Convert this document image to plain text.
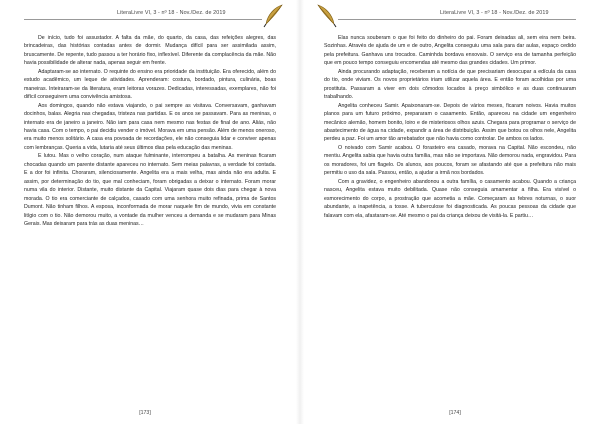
LiteraLivre VI, 3 - nº 18 - Nov./Dez. de 2019

De início, tudo foi assustador. A falta da mãe, do quarto, da casa, das refeições alegres, das brincadeiras, das histórias contadas antes de dormir. Mudança difícil para ser assimilada assim, bruscamente. De repente, tudo passou a ter horário fixo, inflexível. Diferente da complacência da mãe. Não havia possibilidade de alterar nada, apenas seguir em frente.

Adaptaram-se ao internato. O requinte do ensino era prioridade da instituição. Era oferecido, além do estudo acadêmico, um leque de atividades. Aprenderam: costura, bordado, pintura, culinária, boas maneiras. Inteiraram-se da literatura, eram leitoras vorazes. Dedicadas, interessadas, exemplares, não foi difícil conseguirem uma convivência amistosa.

Aos domingos, quando não estava viajando, o pai sempre as visitava. Conversavam, ganhavam docinhos, balas. Alegria nas chegadas, tristeza nas partidas. E os anos se passavam. Para as meninas, o internato era de janeiro a janeiro. Não iam para casa nem mesmo nas festas de final de ano. Aliás, não havia casa. Com o tempo, o pai decidiu vender o imóvel. Morava em uma pensão. Além de menos oneroso, era muito menos solitário. A casa era povoada de recordações, ele não conseguia lidar e conviver apenas com lembranças. Queria a vida, lutaria até seus últimos dias pela educação das meninas.

E lutou. Mas o velho coração, num ataque fulminante, interrompeu a batalha. As meninas ficaram chocadas quando um parente distante apareceu no internato. Sem meias palavras, a verdade foi contada. E a dor foi infinita. Choraram, silenciosamente. Angelita era a mais velha, mas ainda não era adulta. E assim, por determinação do tio, que mal conheciam, foram obrigadas a deixar o internato. Foram morar numa vila do interior. Distante, muito distante da Capital. Viajaram quase dois dias para chegar à nova morada. O tio era comerciante de calçados, casado com uma senhora muito refinada, prima de Santos Dumont. Não tinham filhos. A esposa, inconformada de morar naquele fim de mundo, vivia em constante litígio com o tio. Não demorou muito, a vontade da mulher venceu a demanda e se mudaram para Minas Gerais. Mas deixaram para trás as duas meninas…

[173]
LiteraLivre VI, 3 - nº 18 - Nov./Dez. de 2019

Elas nunca souberam o que foi feito do dinheiro do pai. Foram deixadas ali, sem eira nem beira. Sozinhas. Através de ajuda de um e de outro, Angelita conseguiu uma sala para dar aulas, espaço cedido pela prefeitura. Ganhava uns trocados. Caminhda bordava enxovais. O serviço era de tamanha perfeição que em pouco tempo conseguiu encomendas até mesmo das grandes cidades. Um primor.

Ainda procurando adaptação, receberam a notícia de que precisariam desocupar a edícula da casa do tio, onde viviam. Os novos proprietários iriam utilizar aquela área. E então foram acolhidas por uma prostituta. Passaram a viver em dois cômodos locados à preço simbólico e as duas continuaram trabalhando.

Angelita conheceu Samir. Apaixonaram-se. Depois de vários meses, ficaram noivos. Havia muitos planos para um futuro próximo, prepararam o casamento. Então, apareceu na cidade um engenheiro mecânico alemão, homem bonito, loiro e de misteriosos olhos azuis. Chegara para programar o serviço de abastecimento de água na cidade, expandir a área de distribuição. Assim que botou os olhos nele, Angelita perdeu a paz. Foi um amor tão arrebatador que não havia como controlar. De ambos os lados.

O noivado com Samir acabou. O forasteiro era casado, morava na Capital. Não escondeu, não mentiu. Angelita sabia que havia outra família, mas não se importava. Não demorou nada, engravidou. Para os moradores, foi um flagelo. Os alunos, aos poucos, foram se afastando até que a prefeitura não mais permitiu o uso da sala. Passou, então, a ajudar a irmã nos bordados.

Com a gravidez, o engenheiro abandonou a outra família, o casamento acabou. Quando a criança nasceu, Angelita estava muito debilitada. Quase não conseguia amamentar a filha. Era visível o esmorecimento do corpo, a prostração que acometia a mãe. Começaram as febres noturnas, o suor abundante, a inapetência, a tosse. A tuberculose foi diagnosticada. As poucas pessoas da cidade que falavam com ela, afastaram-se. Até mesmo o pai da criança deixou de visitá-la. E partiu…

[174]
